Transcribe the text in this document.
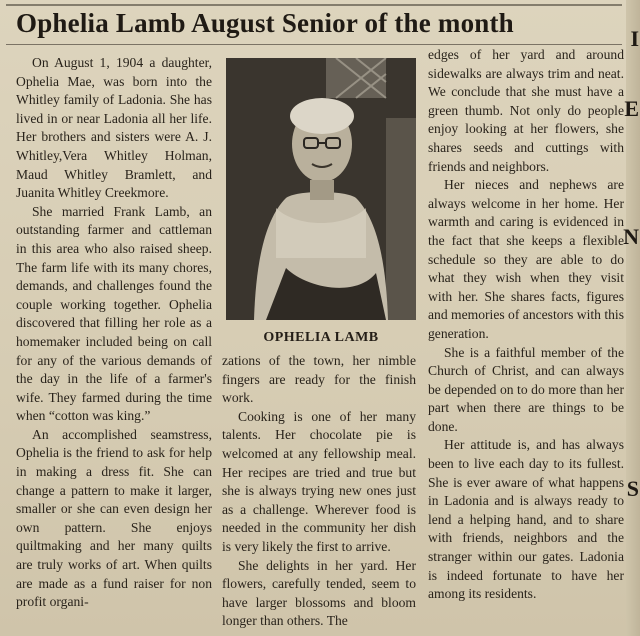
Ophelia Lamb August Senior of the month

On August 1, 1904 a daughter, Ophelia Mae, was born into the Whitley family of Ladonia. She has lived in or near Ladonia all her life. Her brothers and sisters were A. J. Whitley,Vera Whitley Holman, Maud Whitley Bramlett, and Juanita Whitley Creekmore.

She married Frank Lamb, an outstanding farmer and cattleman in this area who also raised sheep. The farm life with its many chores, demands, and challenges found the couple working together. Ophelia discovered that filling her role as a homemaker included being on call for any of the various demands of the day in the life of a farmer's wife. They farmed during the time when “cotton was king.”

An accomplished seamstress, Ophelia is the friend to ask for help in making a dress fit. She can change a pattern to make it larger, smaller or she can even design her own pattern. She enjoys quiltmaking and her many quilts are truly works of art. When quilts are made as a fund raiser for non profit organi-

OPHELIA LAMB

zations of the town, her nimble fingers are ready for the finish work.

Cooking is one of her many talents. Her chocolate pie is welcomed at any fellowship meal. Her recipes are tried and true but she is always trying new ones just as a challenge. Wherever food is needed in the community her dish is very likely the first to arrive.

She delights in her yard. Her flowers, carefully tended, seem to have larger blossoms and bloom longer than others. The

edges of her yard and around sidewalks are always trim and neat. We conclude that she must have a green thumb. Not only do people enjoy looking at her flowers, she shares seeds and cuttings with friends and neighbors.

Her nieces and nephews are always welcome in her home. Her warmth and caring is evidenced in the fact that she keeps a flexible schedule so they are able to do what they wish when they visit with her. She shares facts, figures and memories of ancestors with this generation.

She is a faithful member of the Church of Christ, and can always be depended on to do more than her part when there are things to be done.

Her attitude is, and has always been to live each day to its fullest. She is ever aware of what happens in Ladonia and is always ready to lend a helping hand, and to share with friends, neighbors and the stranger within our gates. Ladonia is indeed fortunate to have her among its residents.

I
E
N
S
